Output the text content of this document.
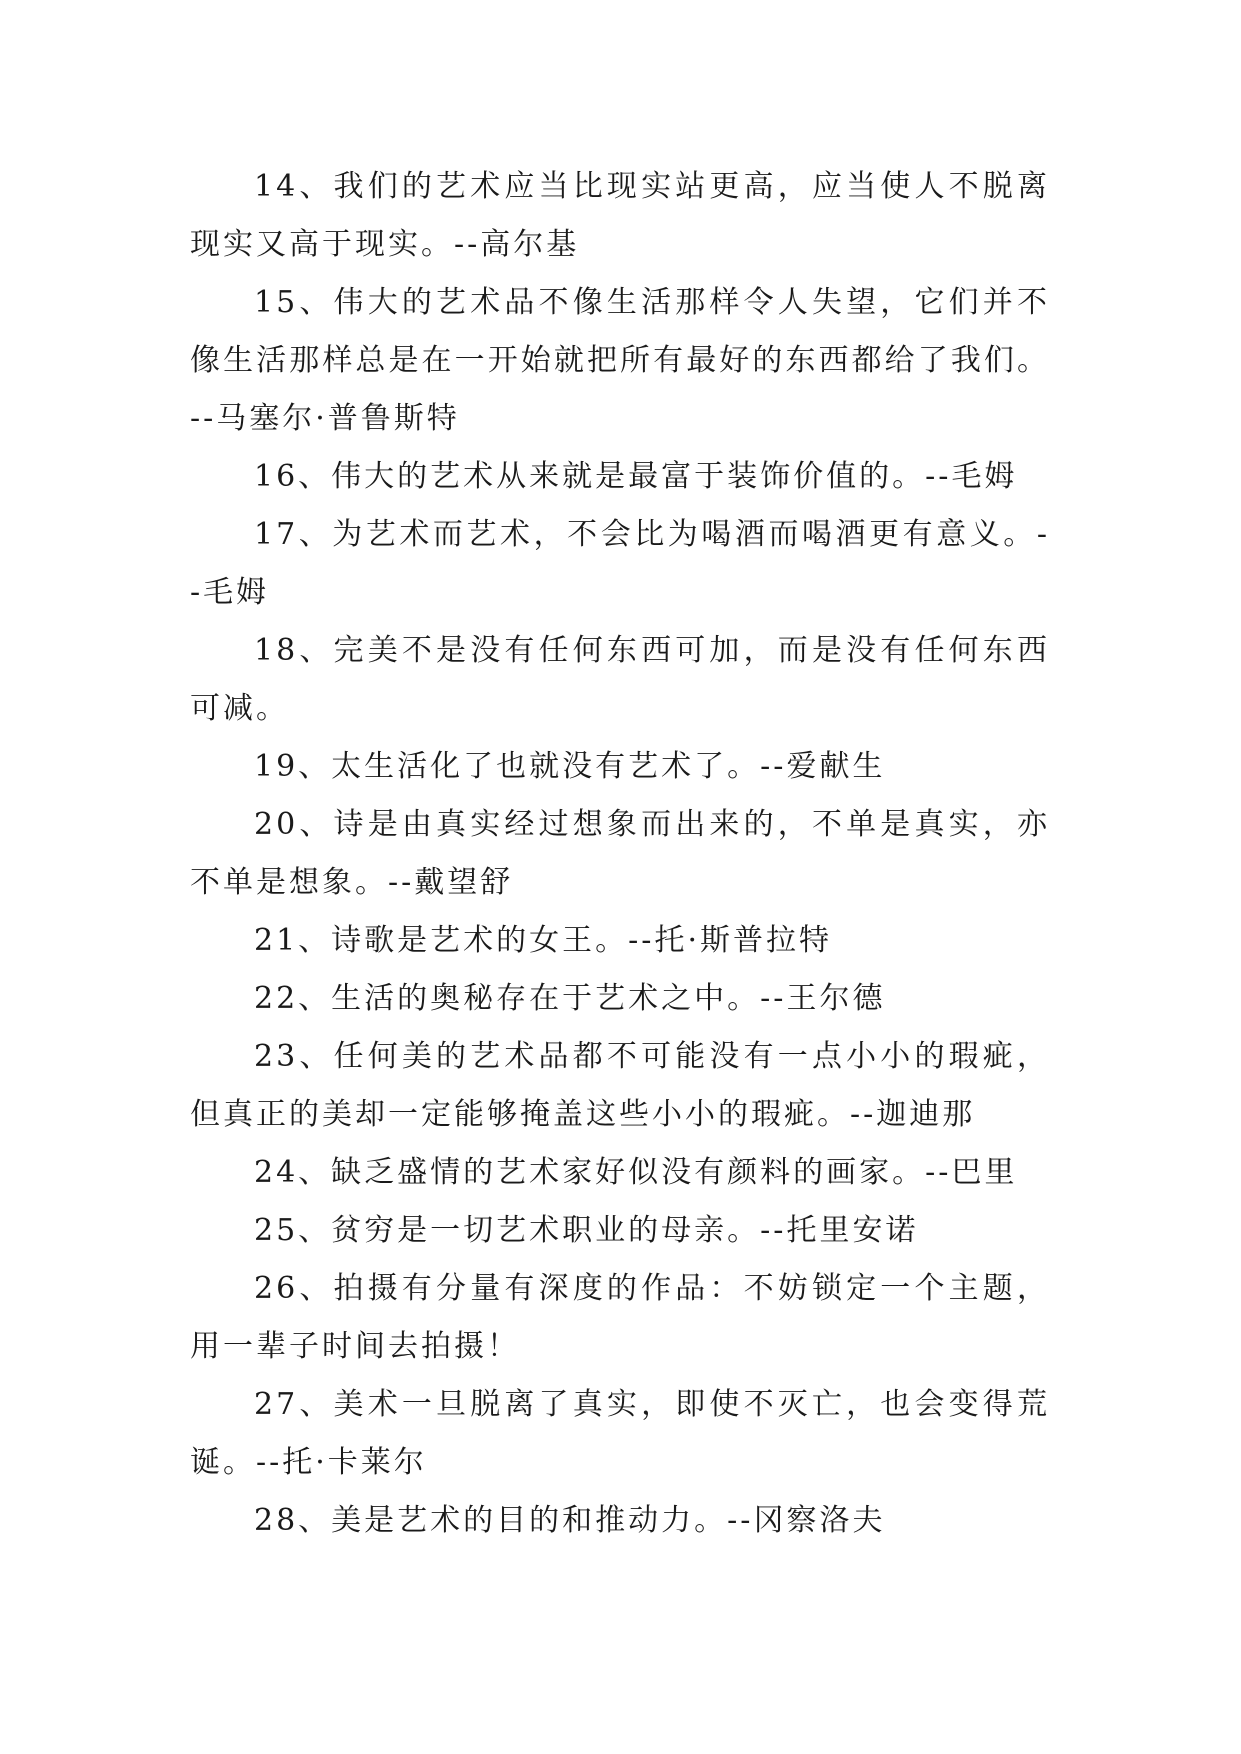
14、我们的艺术应当比现实站更高，应当使人不脱离现实又高于现实。--高尔基

15、伟大的艺术品不像生活那样令人失望，它们并不像生活那样总是在一开始就把所有最好的东西都给了我们。--马塞尔·普鲁斯特

16、伟大的艺术从来就是最富于装饰价值的。--毛姆

17、为艺术而艺术，不会比为喝酒而喝酒更有意义。--毛姆

18、完美不是没有任何东西可加，而是没有任何东西可减。

19、太生活化了也就没有艺术了。--爱献生

20、诗是由真实经过想象而出来的，不单是真实，亦不单是想象。--戴望舒

21、诗歌是艺术的女王。--托·斯普拉特

22、生活的奥秘存在于艺术之中。--王尔德

23、任何美的艺术品都不可能没有一点小小的瑕疵，但真正的美却一定能够掩盖这些小小的瑕疵。--迦迪那

24、缺乏盛情的艺术家好似没有颜料的画家。--巴里

25、贫穷是一切艺术职业的母亲。--托里安诺

26、拍摄有分量有深度的作品：不妨锁定一个主题，用一辈子时间去拍摄！

27、美术一旦脱离了真实，即使不灭亡，也会变得荒诞。--托·卡莱尔

28、美是艺术的目的和推动力。--冈察洛夫
